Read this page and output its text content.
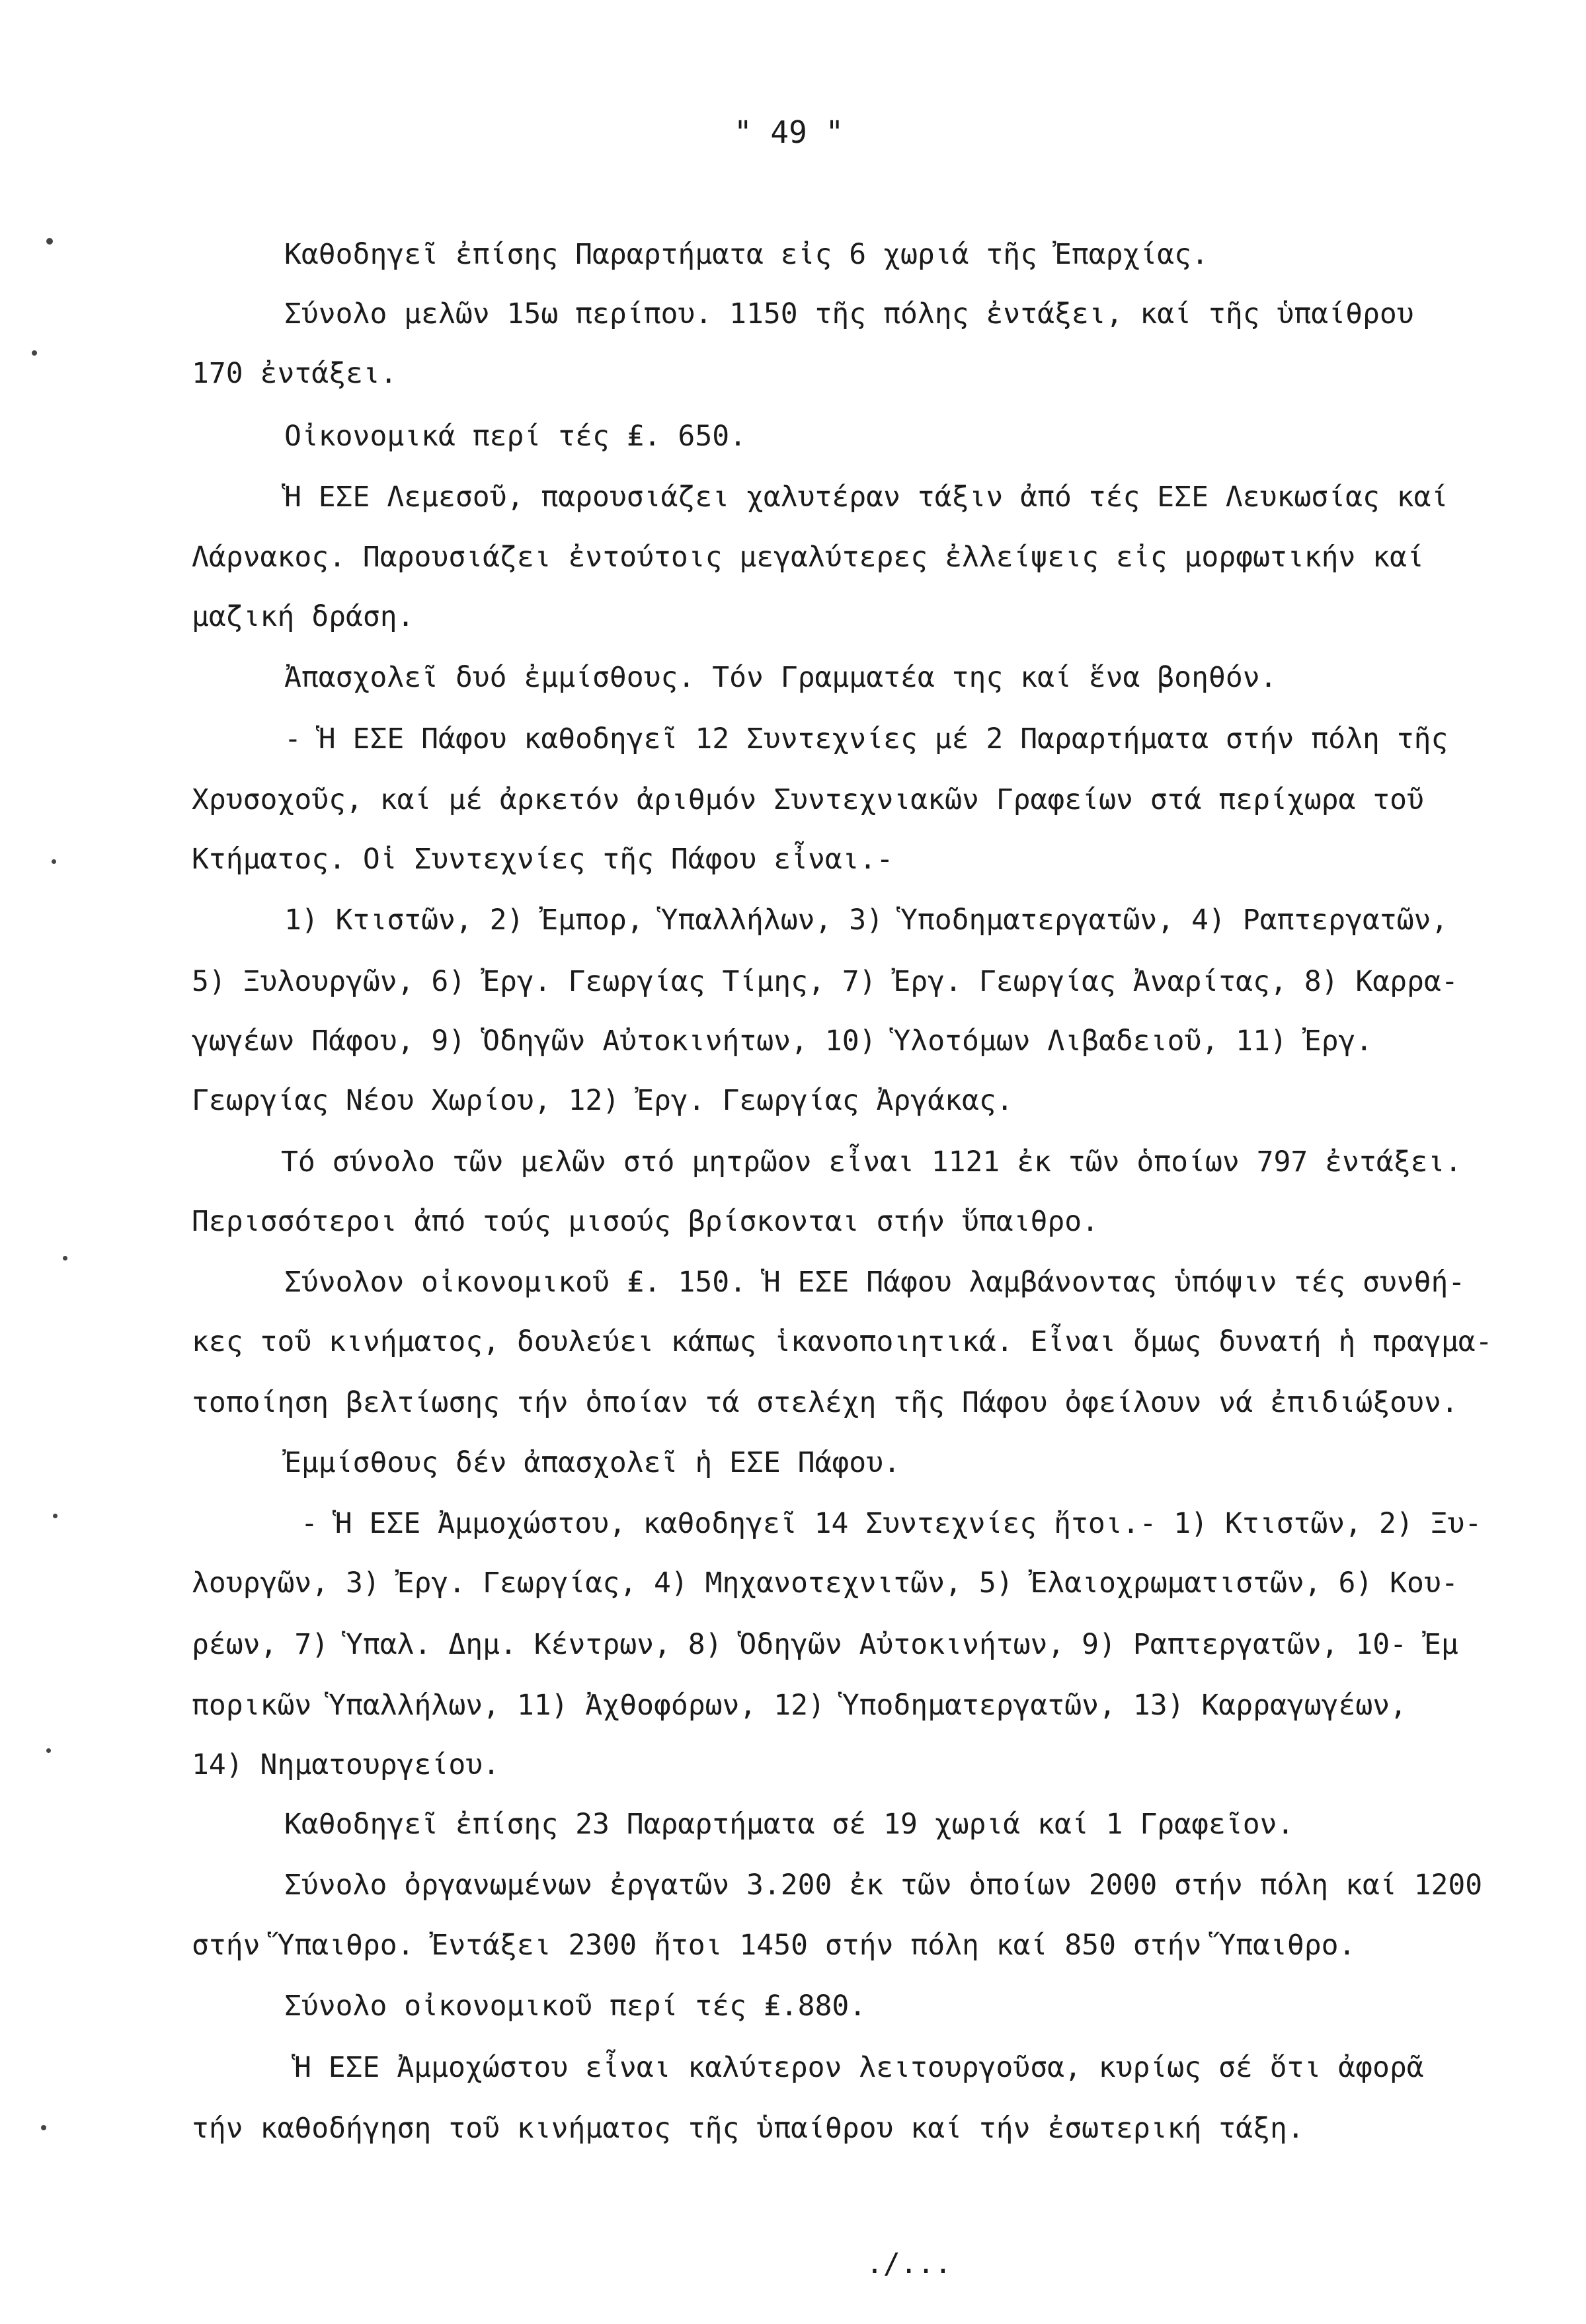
" 49 "
Καθοδηγεῖ ἐπίσης Παραρτήματα εἰς 6 χωριά τῆς Ἐπαρχίας.
Σύνολο μελῶν 15ω περίπου. 1150 τῆς πόλης ἐντάξει, καί τῆς ὑπαίθρου
170 ἐντάξει.
Οἰκονομικά περί τές ₤. 650.
Ἡ ΕΣΕ Λεμεσοῦ, παρουσιάζει χαλυτέραν τάξιν ἀπό τές ΕΣΕ Λευκωσίας καί
Λάρνακος. Παρουσιάζει ἐντούτοις μεγαλύτερες ἐλλείψεις εἰς μορφωτικήν καί
μαζική δράση.
Ἀπασχολεῖ δυό ἐμμίσθους. Τόν Γραμματέα της καί ἕνα βοηθόν.
- Ἡ ΕΣΕ Πάφου καθοδηγεῖ 12 Συντεχνίες μέ 2 Παραρτήματα στήν πόλη τῆς
Χρυσοχοῦς, καί μέ ἀρκετόν ἀριθμόν Συντεχνιακῶν Γραφείων στά περίχωρα τοῦ
Κτήματος. Οἱ Συντεχνίες τῆς Πάφου εἶναι.-
1) Κτιστῶν, 2) Ἐμπορ, Ὑπαλλήλων, 3) Ὑποδηματεργατῶν, 4) Ραπτεργατῶν,
5) Ξυλουργῶν, 6) Ἐργ. Γεωργίας Τίμης, 7) Ἐργ. Γεωργίας Ἀναρίτας, 8) Καρρα-
γωγέων Πάφου, 9) Ὁδηγῶν Αὐτοκινήτων, 10) Ὑλοτόμων Λιβαδειοῦ, 11) Ἐργ.
Γεωργίας Νέου Χωρίου, 12) Ἐργ. Γεωργίας Ἀργάκας.
Τό σύνολο τῶν μελῶν στό μητρῶον εἶναι 1121 ἐκ τῶν ὁποίων 797 ἐντάξει.
Περισσότεροι ἀπό τούς μισούς βρίσκονται στήν ὕπαιθρο.
Σύνολον οἰκονομικοῦ ₤. 150. Ἡ ΕΣΕ Πάφου λαμβάνοντας ὑπόψιν τές συνθή-
κες τοῦ κινήματος, δουλεύει κάπως ἱκανοποιητικά. Εἶναι ὅμως δυνατή ἡ πραγμα-
τοποίηση βελτίωσης τήν ὁποίαν τά στελέχη τῆς Πάφου ὀφείλουν νά ἐπιδιώξουν.
Ἐμμίσθους δέν ἀπασχολεῖ ἡ ΕΣΕ Πάφου.
- Ἡ ΕΣΕ Ἀμμοχώστου, καθοδηγεῖ 14 Συντεχνίες ἤτοι.- 1) Κτιστῶν, 2) Ξυ-
λουργῶν, 3) Ἐργ. Γεωργίας, 4) Μηχανοτεχνιτῶν, 5) Ἐλαιοχρωματιστῶν, 6) Κου-
ρέων, 7) Ὑπαλ. Δημ. Κέντρων, 8) Ὁδηγῶν Αὐτοκινήτων, 9) Ραπτεργατῶν, 10- Ἐμ
πορικῶν Ὑπαλλήλων, 11) Ἀχθοφόρων, 12) Ὑποδηματεργατῶν, 13) Καρραγωγέων,
14) Νηματουργείου.
Καθοδηγεῖ ἐπίσης 23 Παραρτήματα σέ 19 χωριά καί 1 Γραφεῖον.
Σύνολο ὀργανωμένων ἐργατῶν 3.200 ἐκ τῶν ὁποίων 2000 στήν πόλη καί 1200
στήν Ὕπαιθρο. Ἐντάξει 2300 ἤτοι 1450 στήν πόλη καί 850 στήν Ὕπαιθρο.
Σύνολο οἰκονομικοῦ περί τές ₤.880.
Ἡ ΕΣΕ Ἀμμοχώστου εἶναι καλύτερον λειτουργοῦσα, κυρίως σέ ὅτι ἀφορᾶ
τήν καθοδήγηση τοῦ κινήματος τῆς ὑπαίθρου καί τήν ἐσωτερική τάξη.
./...
